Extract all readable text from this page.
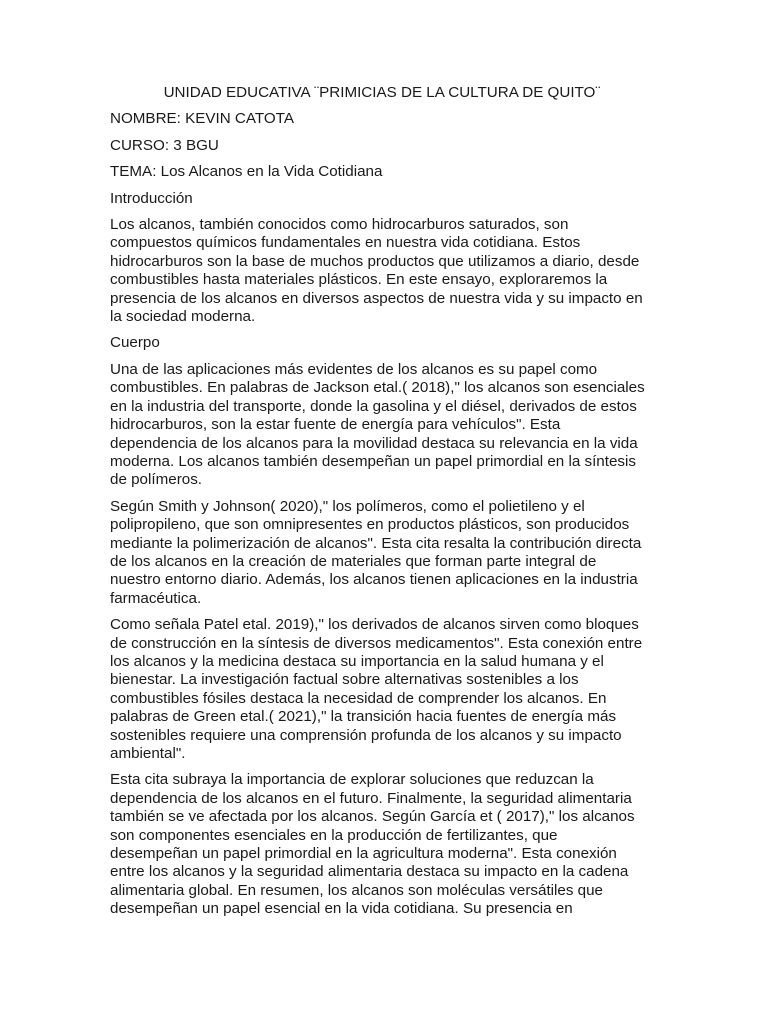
UNIDAD EDUCATIVA ¨PRIMICIAS DE LA CULTURA DE QUITO¨

NOMBRE: KEVIN CATOTA

CURSO: 3 BGU

TEMA: Los Alcanos en la Vida Cotidiana

Introducción

Los alcanos, también conocidos como hidrocarburos saturados, son
compuestos químicos fundamentales en nuestra vida cotidiana. Estos
hidrocarburos son la base de muchos productos que utilizamos a diario, desde
combustibles hasta materiales plásticos. En este ensayo, exploraremos la
presencia de los alcanos en diversos aspectos de nuestra vida y su impacto en
la sociedad moderna.

Cuerpo

Una de las aplicaciones más evidentes de los alcanos es su papel como
combustibles. En palabras de Jackson etal.( 2018)," los alcanos son esenciales
en la industria del transporte, donde la gasolina y el diésel, derivados de estos
hidrocarburos, son la estar fuente de energía para vehículos". Esta
dependencia de los alcanos para la movilidad destaca su relevancia en la vida
moderna. Los alcanos también desempeñan un papel primordial en la síntesis
de polímeros.

Según Smith y Johnson( 2020)," los polímeros, como el polietileno y el
polipropileno, que son omnipresentes en productos plásticos, son producidos
mediante la polimerización de alcanos". Esta cita resalta la contribución directa
de los alcanos en la creación de materiales que forman parte integral de
nuestro entorno diario. Además, los alcanos tienen aplicaciones en la industria
farmacéutica.

Como señala Patel etal. 2019)," los derivados de alcanos sirven como bloques
de construcción en la síntesis de diversos medicamentos". Esta conexión entre
los alcanos y la medicina destaca su importancia en la salud humana y el
bienestar. La investigación factual sobre alternativas sostenibles a los
combustibles fósiles destaca la necesidad de comprender los alcanos. En
palabras de Green etal.( 2021)," la transición hacia fuentes de energía más
sostenibles requiere una comprensión profunda de los alcanos y su impacto
ambiental".

Esta cita subraya la importancia de explorar soluciones que reduzcan la
dependencia de los alcanos en el futuro. Finalmente, la seguridad alimentaria
también se ve afectada por los alcanos. Según García et ( 2017)," los alcanos
son componentes esenciales en la producción de fertilizantes, que
desempeñan un papel primordial en la agricultura moderna". Esta conexión
entre los alcanos y la seguridad alimentaria destaca su impacto en la cadena
alimentaria global. En resumen, los alcanos son moléculas versátiles que
desempeñan un papel esencial en la vida cotidiana. Su presencia en
